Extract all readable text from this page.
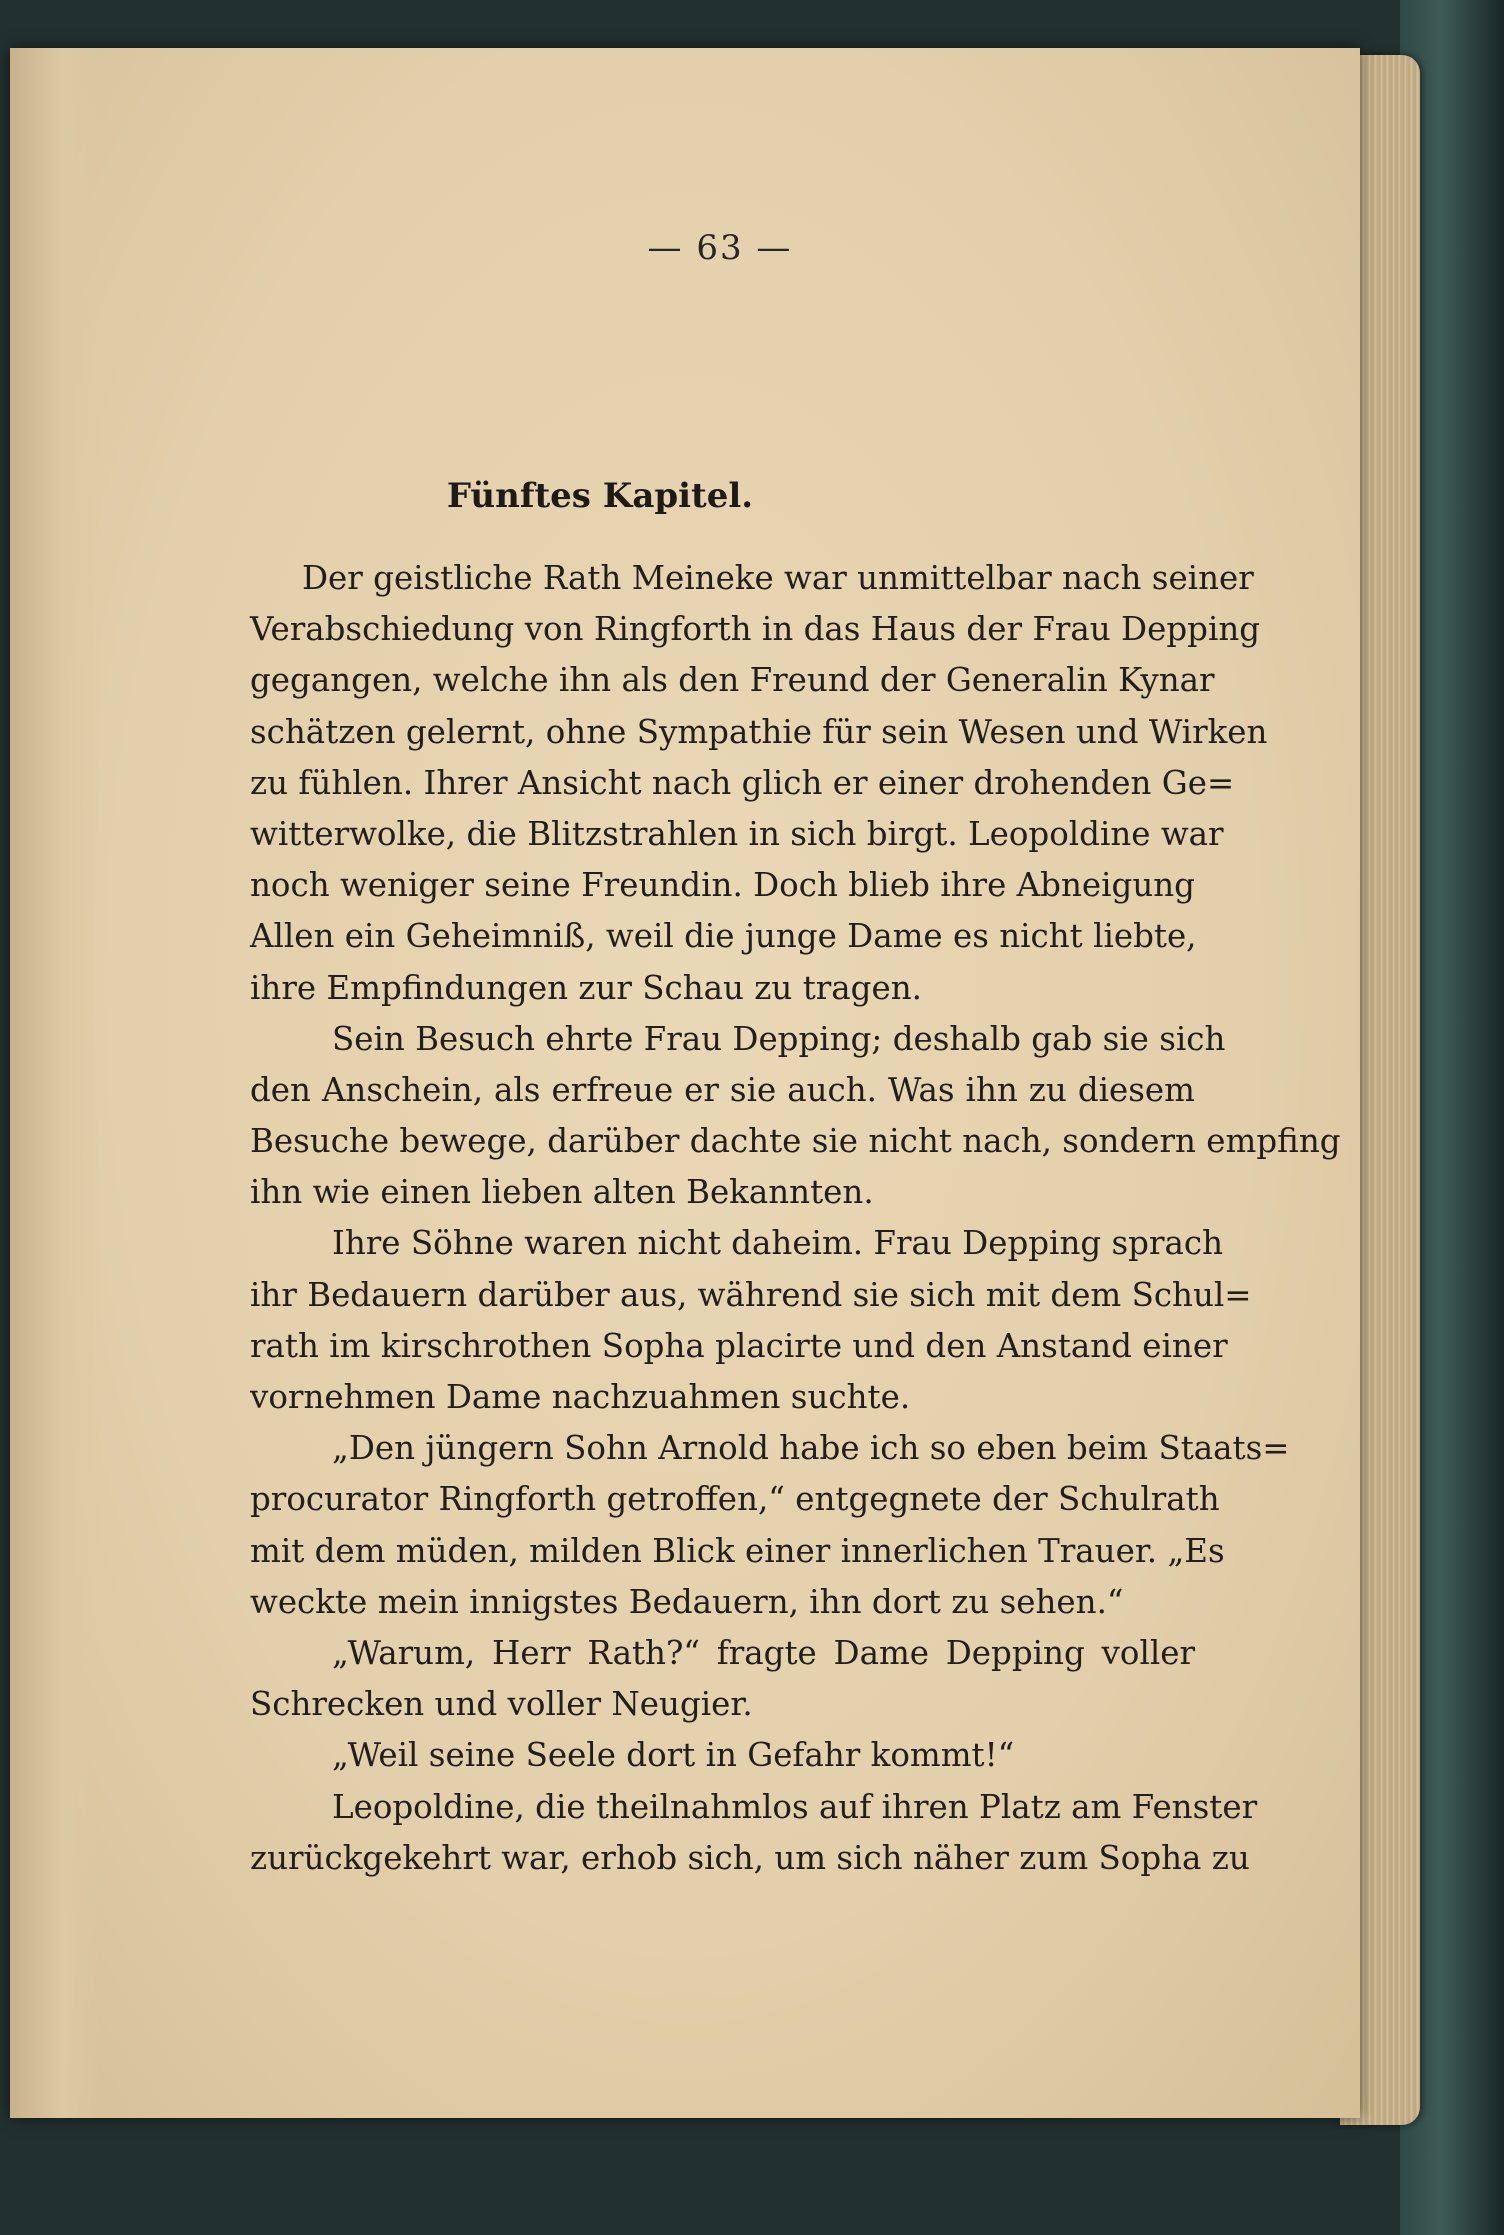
— 63 —
Fünftes Kapitel.
Der geistliche Rath Meineke war unmittelbar nach seiner
Verabschiedung von Ringforth in das Haus der Frau Depping
gegangen, welche ihn als den Freund der Generalin Kynar
schätzen gelernt, ohne Sympathie für sein Wesen und Wirken
zu fühlen. Ihrer Ansicht nach glich er einer drohenden Ge=
witterwolke, die Blitzstrahlen in sich birgt. Leopoldine war
noch weniger seine Freundin. Doch blieb ihre Abneigung
Allen ein Geheimniß, weil die junge Dame es nicht liebte,
ihre Empfindungen zur Schau zu tragen.
Sein Besuch ehrte Frau Depping; deshalb gab sie sich
den Anschein, als erfreue er sie auch. Was ihn zu diesem
Besuche bewege, darüber dachte sie nicht nach, sondern empfing
ihn wie einen lieben alten Bekannten.
Ihre Söhne waren nicht daheim. Frau Depping sprach
ihr Bedauern darüber aus, während sie sich mit dem Schul=
rath im kirschrothen Sopha placirte und den Anstand einer
vornehmen Dame nachzuahmen suchte.
„Den jüngern Sohn Arnold habe ich so eben beim Staats=
procurator Ringforth getroffen,“ entgegnete der Schulrath
mit dem müden, milden Blick einer innerlichen Trauer. „Es
weckte mein innigstes Bedauern, ihn dort zu sehen.“
„Warum, Herr Rath?“ fragte Dame Depping voller
Schrecken und voller Neugier.
„Weil seine Seele dort in Gefahr kommt!“
Leopoldine, die theilnahmlos auf ihren Platz am Fenster
zurückgekehrt war, erhob sich, um sich näher zum Sopha zu
